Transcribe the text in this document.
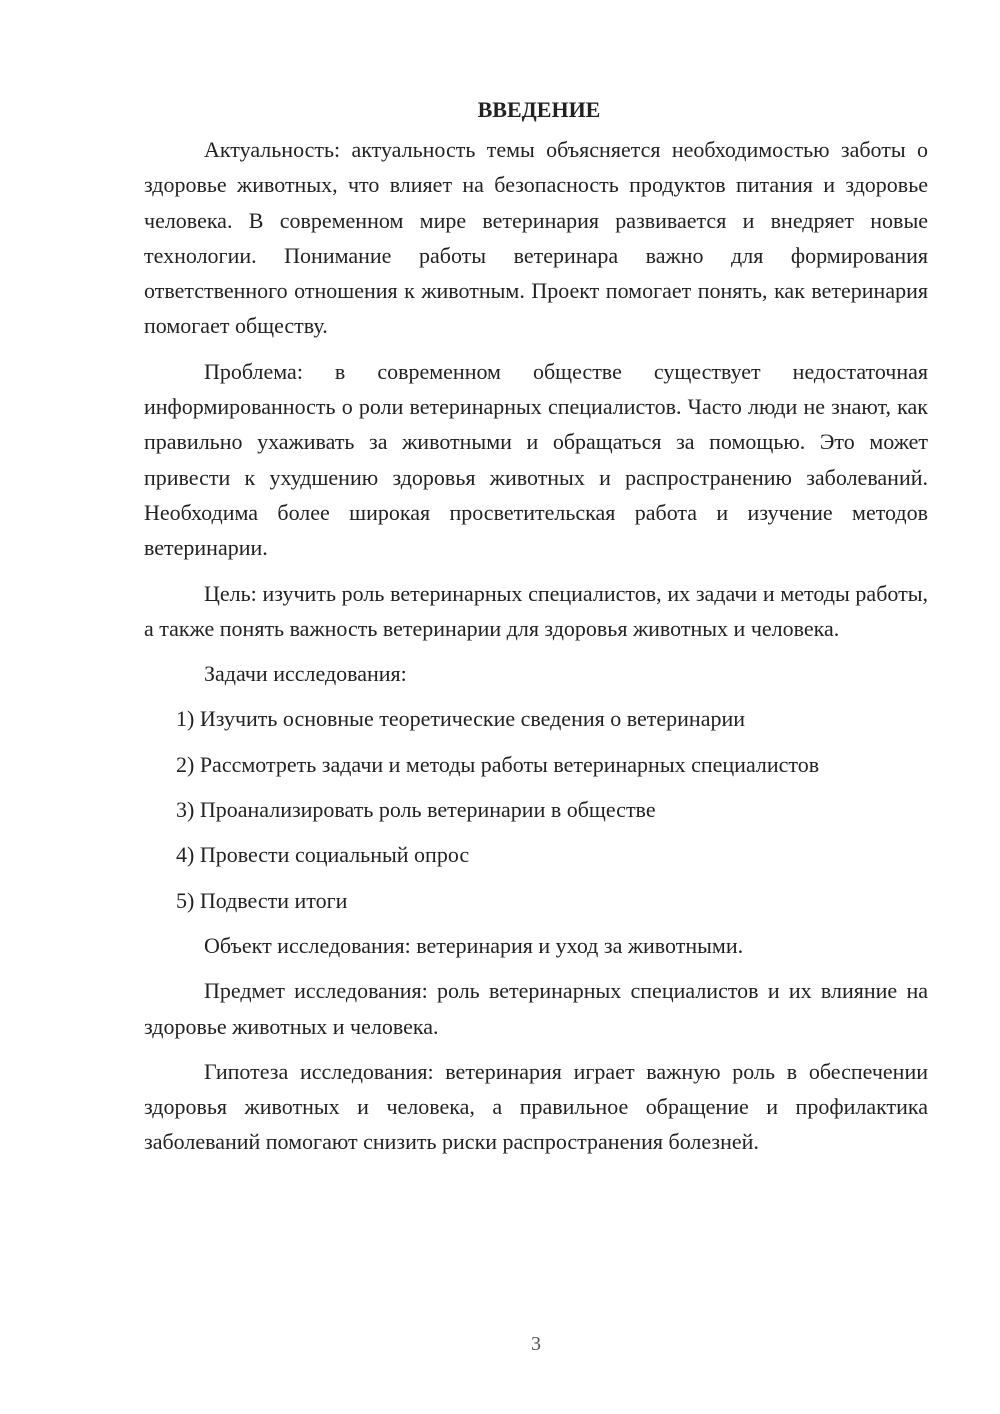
ВВЕДЕНИЕ

Актуальность: актуальность темы объясняется необходимостью заботы о здоровье животных, что влияет на безопасность продуктов питания и здоровье человека. В современном мире ветеринария развивается и внедряет новые технологии. Понимание работы ветеринара важно для формирования ответственного отношения к животным. Проект помогает понять, как ветеринария помогает обществу.

Проблема: в современном обществе существует недостаточная информированность о роли ветеринарных специалистов. Часто люди не знают, как правильно ухаживать за животными и обращаться за помощью. Это может привести к ухудшению здоровья животных и распространению заболеваний. Необходима более широкая просветительская работа и изучение методов ветеринарии.

Цель: изучить роль ветеринарных специалистов, их задачи и методы работы, а также понять важность ветеринарии для здоровья животных и человека.

Задачи исследования:

1) Изучить основные теоретические сведения о ветеринарии
2) Рассмотреть задачи и методы работы ветеринарных специалистов
3) Проанализировать роль ветеринарии в обществе
4) Провести социальный опрос
5) Подвести итоги

Объект исследования: ветеринария и уход за животными.

Предмет исследования: роль ветеринарных специалистов и их влияние на здоровье животных и человека.

Гипотеза исследования: ветеринария играет важную роль в обеспечении здоровья животных и человека, а правильное обращение и профилактика заболеваний помогают снизить риски распространения болезней.

3
